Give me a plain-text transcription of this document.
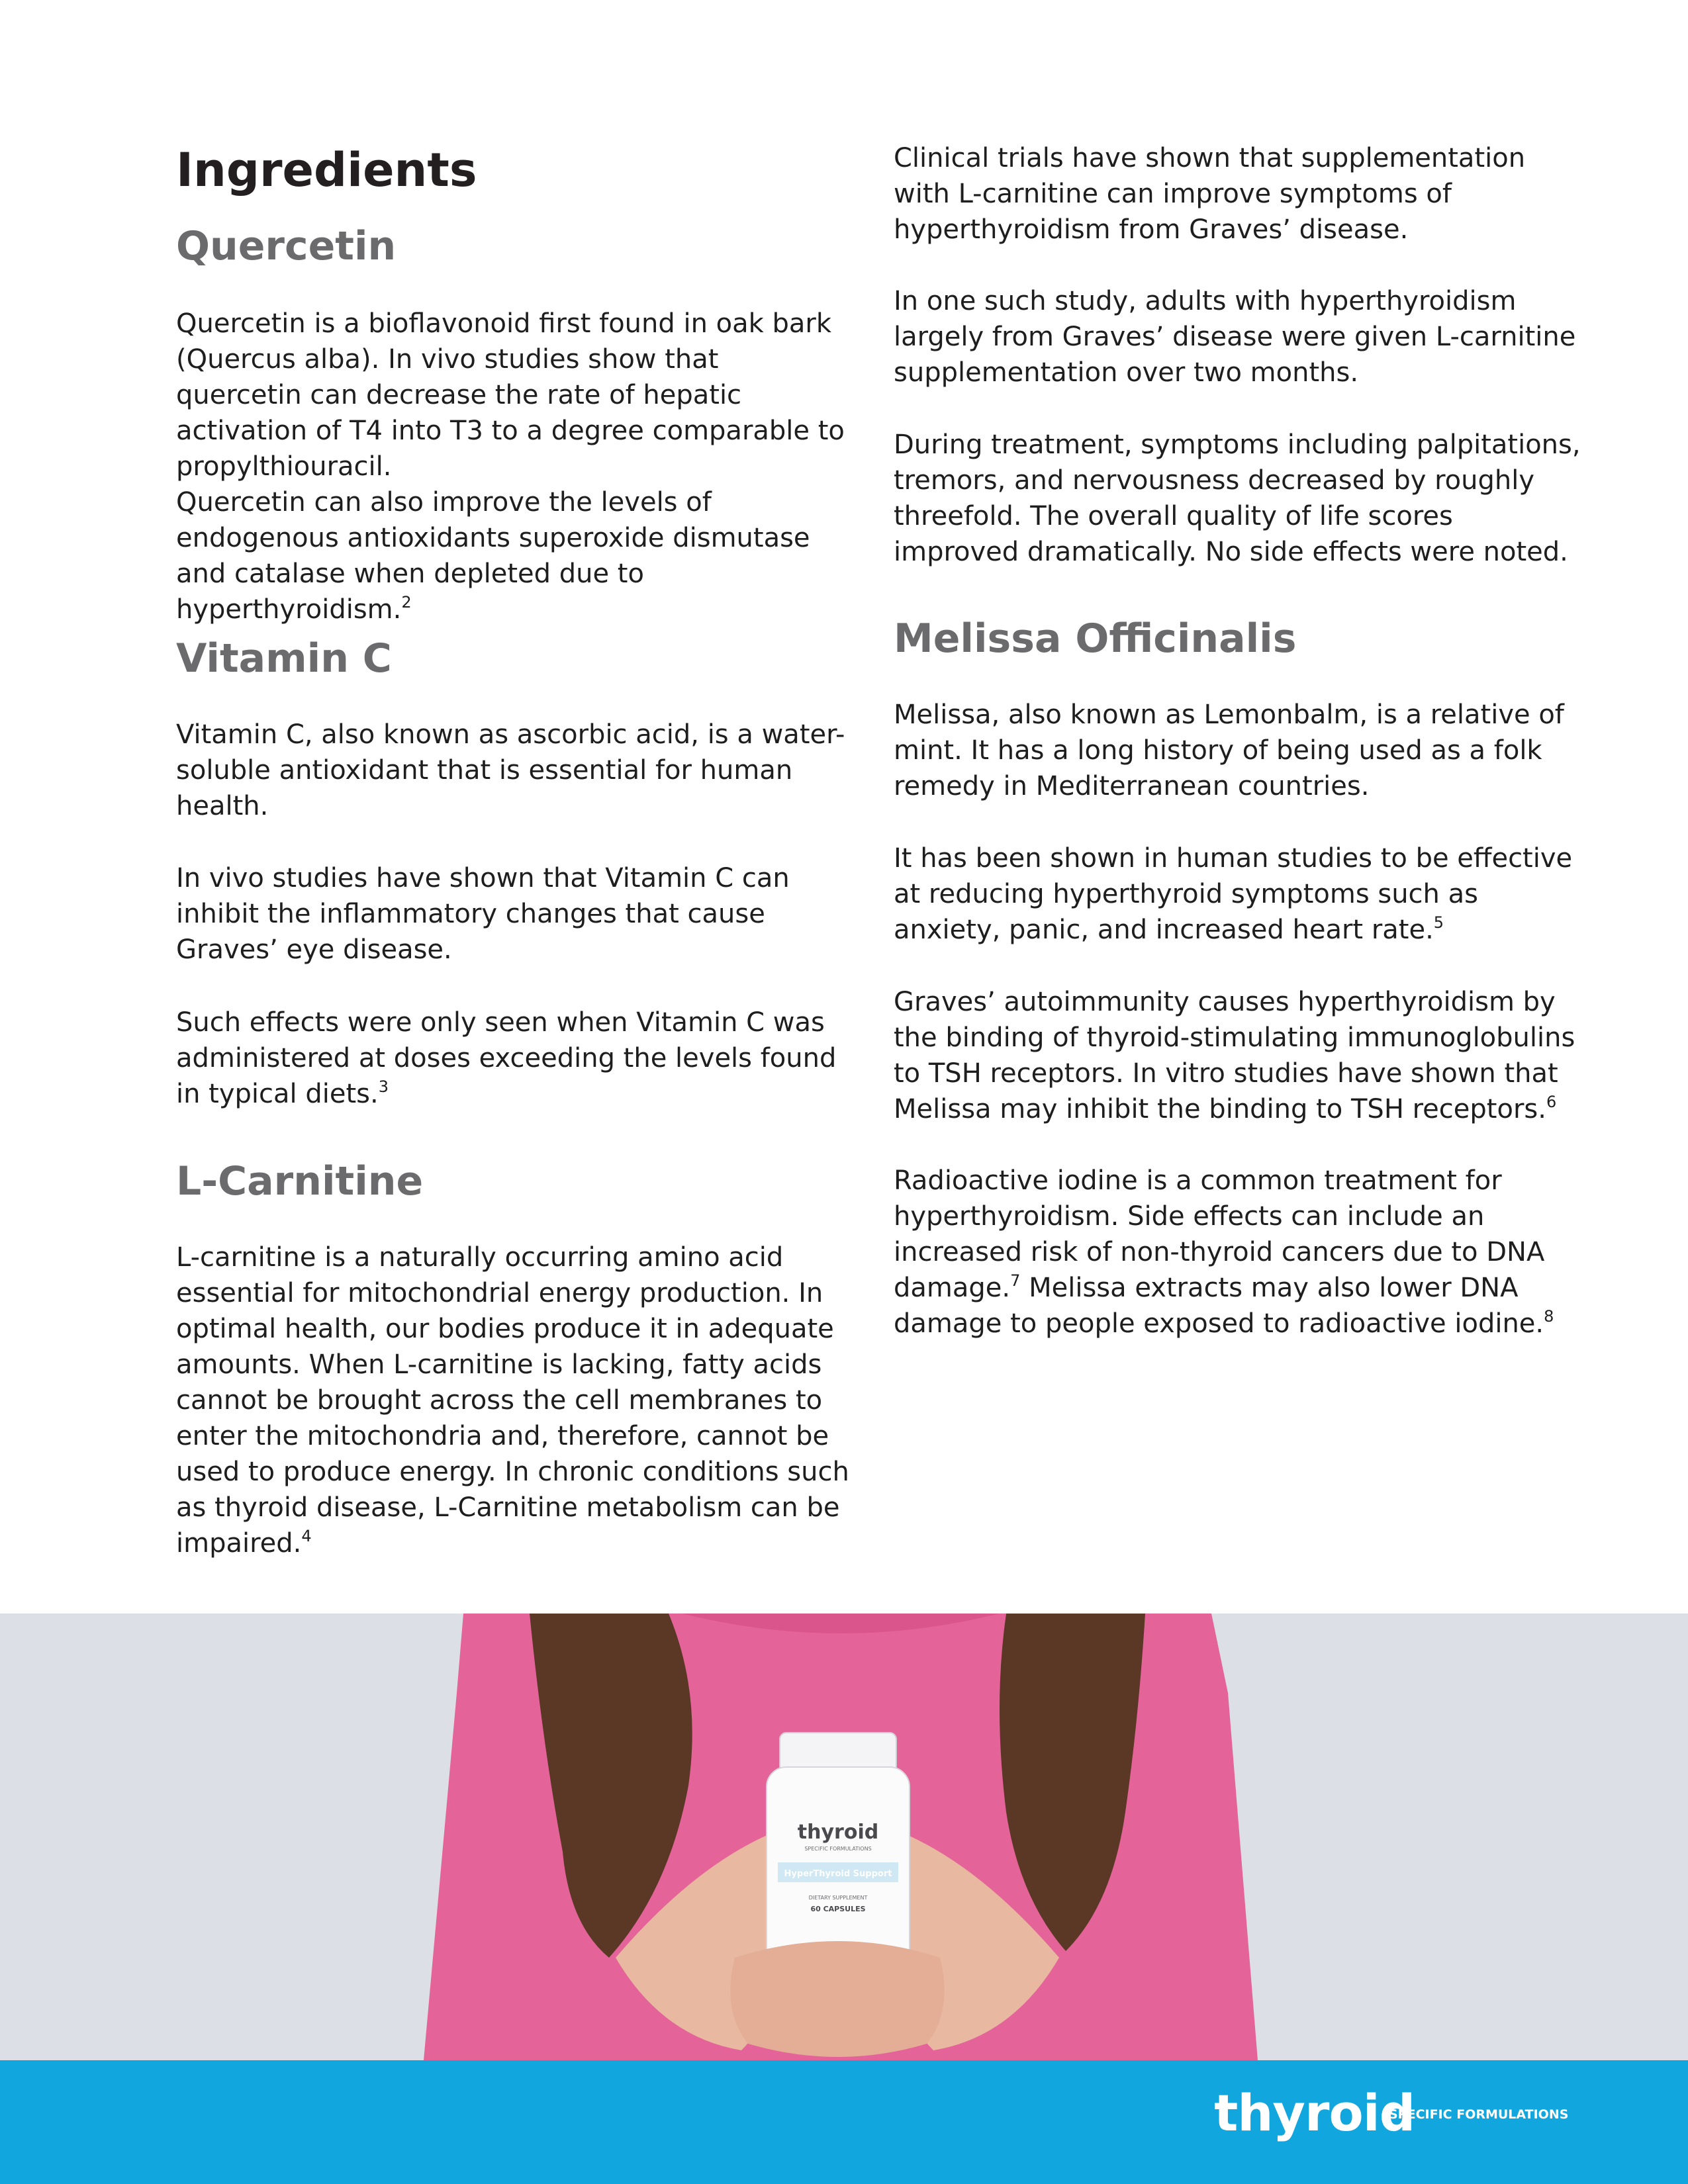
Ingredients
Quercetin

Quercetin is a bioflavonoid first found in oak bark (Quercus alba). In vivo studies show that quercetin can decrease the rate of hepatic activation of T4 into T3 to a degree comparable to propylthiouracil.

Quercetin can also improve the levels of endogenous antioxidants superoxide dismutase and catalase when depleted due to hyperthyroidism.$^2$

Vitamin C

Vitamin C, also known as ascorbic acid, is a water-soluble antioxidant that is essential for human health.

In vivo studies have shown that Vitamin C can inhibit the inflammatory changes that cause Graves’ eye disease.

Such effects were only seen when Vitamin C was administered at doses exceeding the levels found in typical diets.$^3$

L-Carnitine

L-carnitine is a naturally occurring amino acid essential for mitochondrial energy production. In optimal health, our bodies produce it in adequate amounts. When L-carnitine is lacking, fatty acids cannot be brought across the cell membranes to enter the mitochondria and, therefore, cannot be used to produce energy. In chronic conditions such as thyroid disease, L-Carnitine metabolism can be impaired.$^4$

Clinical trials have shown that supplementation with L-carnitine can improve symptoms of hyperthyroidism from Graves’ disease.

In one such study, adults with hyperthyroidism largely from Graves’ disease were given L-carnitine supplementation over two months.

During treatment, symptoms including palpitations, tremors, and nervousness decreased by roughly threefold. The overall quality of life scores improved dramatically. No side effects were noted.

Melissa Officinalis

Melissa, also known as Lemonbalm, is a relative of mint. It has a long history of being used as a folk remedy in Mediterranean countries.

It has been shown in human studies to be effective at reducing hyperthyroid symptoms such as anxiety, panic, and increased heart rate.$^5$

Graves’ autoimmunity causes hyperthyroidism by the binding of thyroid-stimulating immunoglobulins to TSH receptors. In vitro studies have shown that Melissa may inhibit the binding to TSH receptors.$^6$

Radioactive iodine is a common treatment for hyperthyroidism. Side effects can include an increased risk of non-thyroid cancers due to DNA damage.$^7$ Melissa extracts may also lower DNA damage to people exposed to radioactive iodine.$^8$

thyroid
SPECIFIC FORMULATIONS
HyperThyroid Support
DIETARY SUPPLEMENT
60 CAPSULES
thyroid
SPECIFIC FORMULATIONS
